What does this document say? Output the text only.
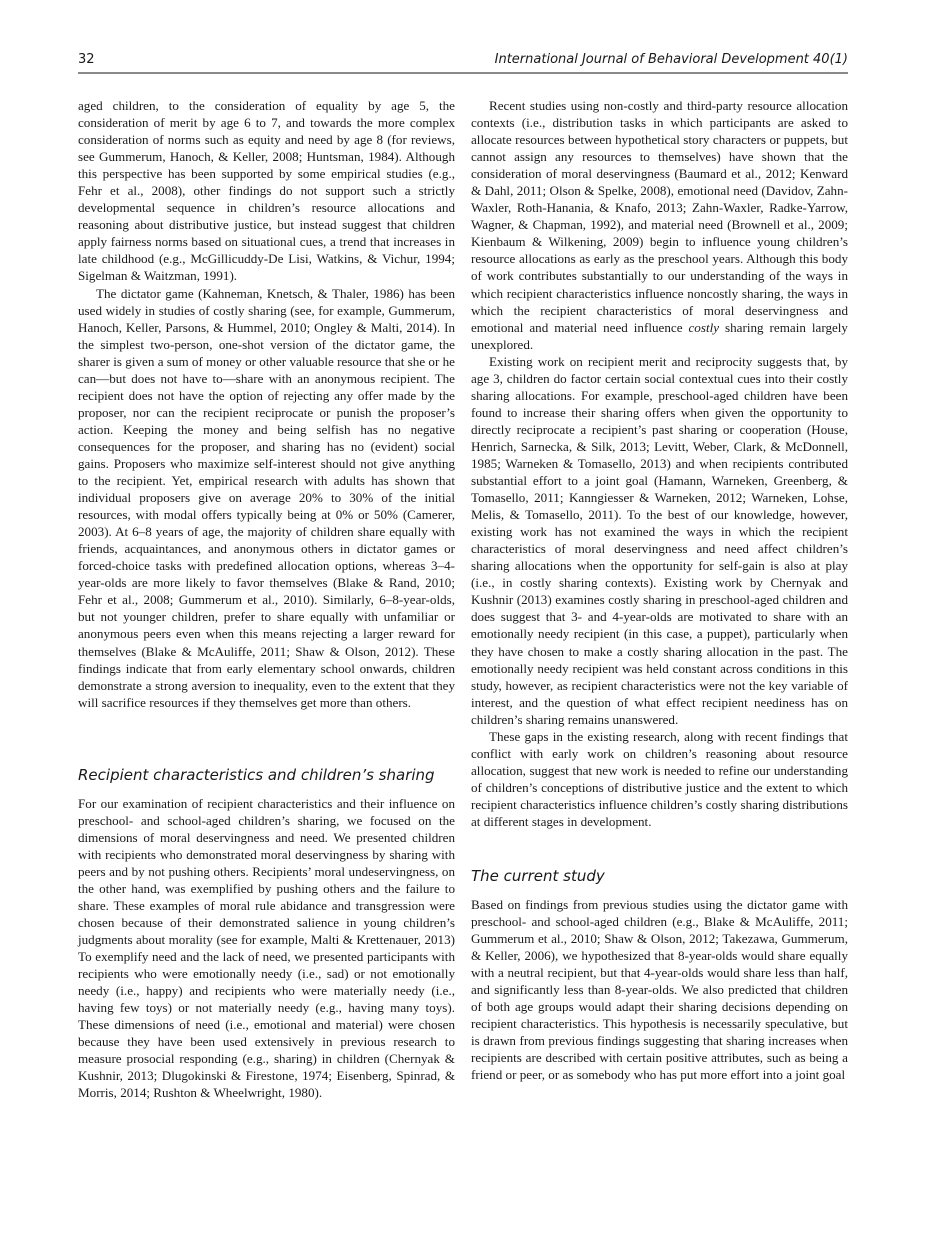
32	International Journal of Behavioral Development 40(1)

aged children, to the consideration of equality by age 5, the consideration of merit by age 6 to 7, and towards the more complex consideration of norms such as equity and need by age 8 (for reviews, see Gummerum, Hanoch, & Keller, 2008; Huntsman, 1984). Although this perspective has been supported by some empirical studies (e.g., Fehr et al., 2008), other findings do not support such a strictly developmental sequence in children’s resource allocations and reasoning about distributive justice, but instead suggest that children apply fairness norms based on situational cues, a trend that increases in late childhood (e.g., McGillicuddy-De Lisi, Watkins, & Vichur, 1994; Sigelman & Waitzman, 1991).

The dictator game (Kahneman, Knetsch, & Thaler, 1986) has been used widely in studies of costly sharing (see, for example, Gummerum, Hanoch, Keller, Parsons, & Hummel, 2010; Ongley & Malti, 2014). In the simplest two-person, one-shot version of the dictator game, the sharer is given a sum of money or other valuable resource that she or he can—but does not have to—share with an anonymous recipient. The recipient does not have the option of rejecting any offer made by the proposer, nor can the recipient reciprocate or punish the proposer’s action. Keeping the money and being selfish has no negative consequences for the proposer, and sharing has no (evident) social gains. Proposers who maximize self-interest should not give anything to the recipient. Yet, empirical research with adults has shown that individual proposers give on average 20% to 30% of the initial resources, with modal offers typically being at 0% or 50% (Camerer, 2003). At 6–8 years of age, the majority of children share equally with friends, acquaintances, and anonymous others in dictator games or forced-choice tasks with predefined allocation options, whereas 3–4-year-olds are more likely to favor themselves (Blake & Rand, 2010; Fehr et al., 2008; Gummerum et al., 2010). Similarly, 6–8-year-olds, but not younger children, prefer to share equally with unfamiliar or anonymous peers even when this means rejecting a larger reward for themselves (Blake & McAuliffe, 2011; Shaw & Olson, 2012). These findings indicate that from early elementary school onwards, children demonstrate a strong aversion to inequality, even to the extent that they will sacrifice resources if they themselves get more than others.

Recipient characteristics and children’s sharing

For our examination of recipient characteristics and their influence on preschool- and school-aged children’s sharing, we focused on the dimensions of moral deservingness and need. We presented children with recipients who demonstrated moral deservingness by sharing with peers and by not pushing others. Recipients’ moral undeservingness, on the other hand, was exemplified by pushing others and the failure to share. These examples of moral rule abidance and transgression were chosen because of their demonstrated salience in young children’s judgments about morality (see for example, Malti & Krettenauer, 2013) To exemplify need and the lack of need, we presented participants with recipients who were emotionally needy (i.e., sad) or not emotionally needy (i.e., happy) and recipients who were materially needy (i.e., having few toys) or not materially needy (e.g., having many toys). These dimensions of need (i.e., emotional and material) were chosen because they have been used extensively in previous research to measure prosocial responding (e.g., sharing) in children (Chernyak & Kushnir, 2013; Dlugokinski & Firestone, 1974; Eisenberg, Spinrad, & Morris, 2014; Rushton & Wheelwright, 1980).

Recent studies using non-costly and third-party resource allocation contexts (i.e., distribution tasks in which participants are asked to allocate resources between hypothetical story characters or puppets, but cannot assign any resources to themselves) have shown that the consideration of moral deservingness (Baumard et al., 2012; Kenward & Dahl, 2011; Olson & Spelke, 2008), emotional need (Davidov, Zahn-Waxler, Roth-Hanania, & Knafo, 2013; Zahn-Waxler, Radke-Yarrow, Wagner, & Chapman, 1992), and material need (Brownell et al., 2009; Kienbaum & Wilkening, 2009) begin to influence young children’s resource allocations as early as the preschool years. Although this body of work contributes substantially to our understanding of the ways in which recipient characteristics influence noncostly sharing, the ways in which the recipient characteristics of moral deservingness and emotional and material need influence costly sharing remain largely unexplored.

Existing work on recipient merit and reciprocity suggests that, by age 3, children do factor certain social contextual cues into their costly sharing allocations. For example, preschool-aged children have been found to increase their sharing offers when given the opportunity to directly reciprocate a recipient’s past sharing or cooperation (House, Henrich, Sarnecka, & Silk, 2013; Levitt, Weber, Clark, & McDonnell, 1985; Warneken & Tomasello, 2013) and when recipients contributed substantial effort to a joint goal (Hamann, Warneken, Greenberg, & Tomasello, 2011; Kanngiesser & Warneken, 2012; Warneken, Lohse, Melis, & Tomasello, 2011). To the best of our knowledge, however, existing work has not examined the ways in which the recipient characteristics of moral deservingness and need affect children’s sharing allocations when the opportunity for self-gain is also at play (i.e., in costly sharing contexts). Existing work by Chernyak and Kushnir (2013) examines costly sharing in preschool-aged children and does suggest that 3- and 4-year-olds are motivated to share with an emotionally needy recipient (in this case, a puppet), particularly when they have chosen to make a costly sharing allocation in the past. The emotionally needy recipient was held constant across conditions in this study, however, as recipient characteristics were not the key variable of interest, and the question of what effect recipient neediness has on children’s sharing remains unanswered.

These gaps in the existing research, along with recent findings that conflict with early work on children’s reasoning about resource allocation, suggest that new work is needed to refine our understanding of children’s conceptions of distributive justice and the extent to which recipient characteristics influence children’s costly sharing distributions at different stages in development.

The current study

Based on findings from previous studies using the dictator game with preschool- and school-aged children (e.g., Blake & McAuliffe, 2011; Gummerum et al., 2010; Shaw & Olson, 2012; Takezawa, Gummerum, & Keller, 2006), we hypothesized that 8-year-olds would share equally with a neutral recipient, but that 4-year-olds would share less than half, and significantly less than 8-year-olds. We also predicted that children of both age groups would adapt their sharing decisions depending on recipient characteristics. This hypothesis is necessarily speculative, but is drawn from previous findings suggesting that sharing increases when recipients are described with certain positive attributes, such as being a friend or peer, or as somebody who has put more effort into a joint goal
